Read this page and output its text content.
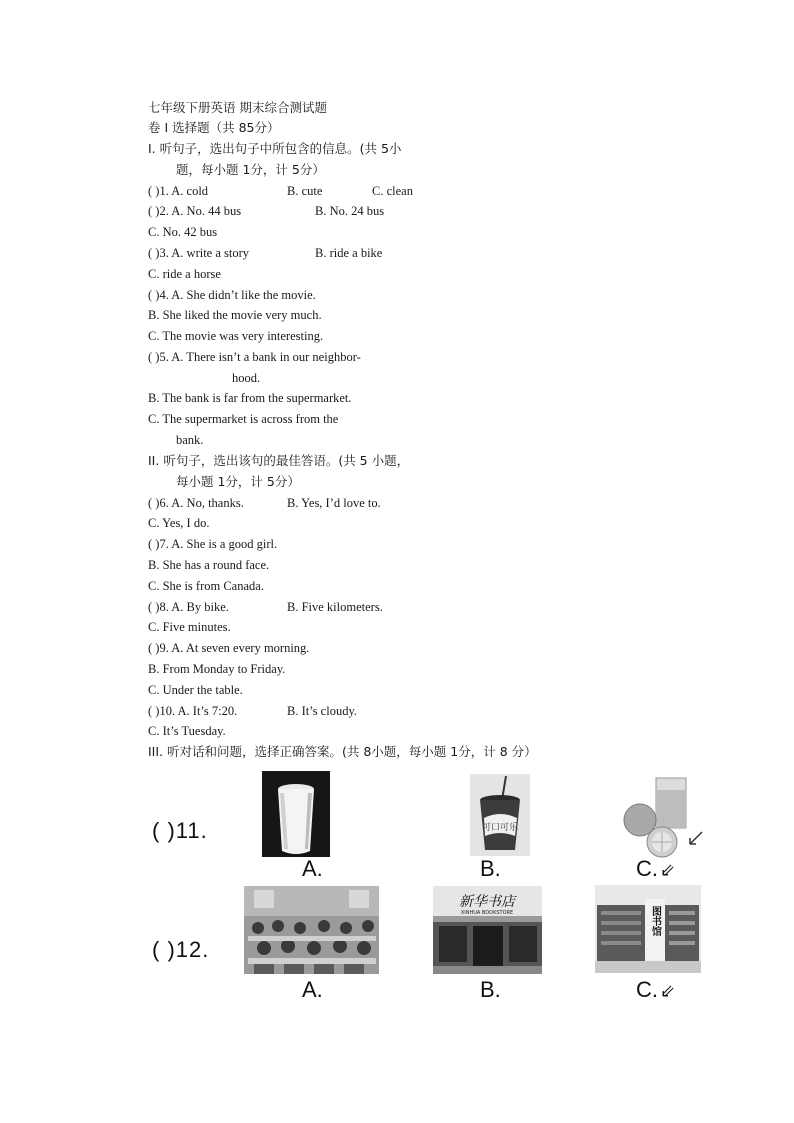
七年级下册英语 期末综合测试题
卷 I 选择题（共 85分）
I. 听句子，选出句子中所包含的信息。(共 5小
题，每小题 1分，计 5分）
( )1. A. cold	B. cute	C. clean
( )2. A. No. 44 bus	B. No. 24 bus
C. No. 42 bus
( )3. A. write a story	B. ride a bike
C. ride a horse
( )4. A. She didn’t like the movie.
B. She liked the movie very much.
C. The movie was very interesting.
( )5. A. There isn’t a bank in our neighbor-
hood.
B. The bank is far from the supermarket.
C. The supermarket is across from the
bank.
II. 听句子，选出该句的最佳答语。(共 5 小题，
每小题 1分，计 5分）
( )6. A. No, thanks.	B. Yes, I’d love to.
C. Yes, I do.
( )7. A. She is a good girl.
B. She has a round face.
C. She is from Canada.
( )8. A. By bike.	B. Five kilometers.
C. Five minutes.
( )9. A. At seven every morning.
B. From Monday to Friday.
C. Under the table.
( )10. A. It’s 7:20.	B. It’s cloudy.
C. It’s Tuesday.
III. 听对话和问题，选择正确答案。(共 8小题，每小题 1分，计 8 分）
( )11.
A.
可口可乐
B.	C. ⇙
( )12.
A.
新华书店
XINHUA BOOKSTORE
B.
图书馆
C. ⇙
